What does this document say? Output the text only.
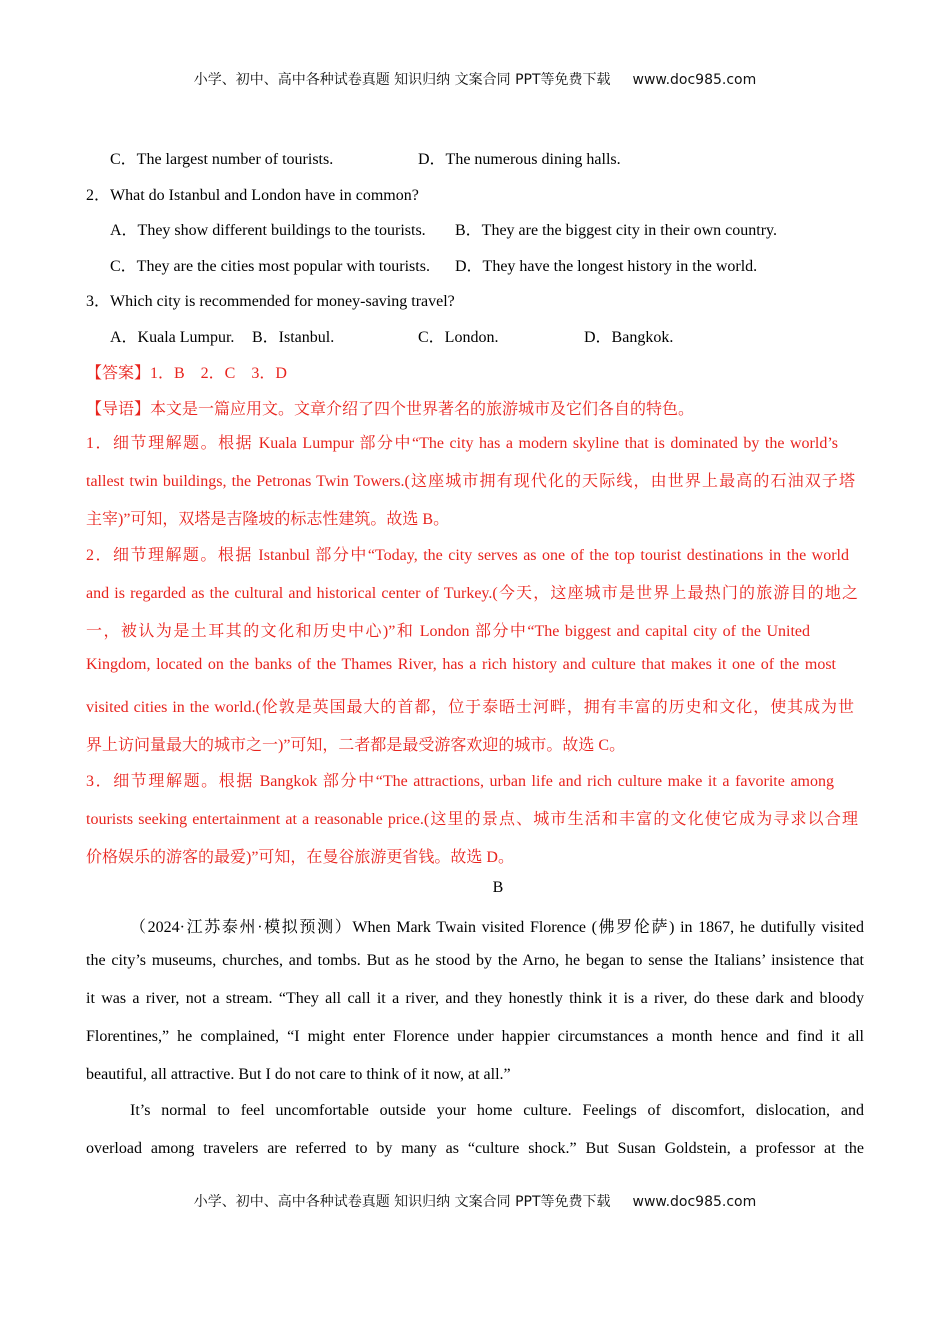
小学、初中、高中各种试卷真题 知识归纳 文案合同 PPT等免费下载 www.doc985.com
C．The largest number of tourists.	D．The numerous dining halls.
2．What do Istanbul and London have in common?
A．They show different buildings to the tourists. B．They are the biggest city in their own country.
C．They are the cities most popular with tourists. D．They have the longest history in the world.
3．Which city is recommended for money-saving travel?
A．Kuala Lumpur. B．Istanbul.	C．London.	D．Bangkok.
【答案】1．B　2．C　3．D
【导语】本文是一篇应用文。文章介绍了四个世界著名的旅游城市及它们各自的特色。
1．细节理解题。根据 Kuala Lumpur 部分中“The city has a modern skyline that is dominated by the world’s
tallest twin buildings, the Petronas Twin Towers.(这座城市拥有现代化的天际线，由世界上最高的石油双子塔
主宰)”可知，双塔是吉隆坡的标志性建筑。故选 B。
2．细节理解题。根据 Istanbul 部分中“Today, the city serves as one of the top tourist destinations in the world
and is regarded as the cultural and historical center of Turkey.(今天，这座城市是世界上最热门的旅游目的地之
一，被认为是土耳其的文化和历史中心)”和 London 部分中“The biggest and capital city of the United
Kingdom, located on the banks of the Thames River, has a rich history and culture that makes it one of the most
visited cities in the world.(伦敦是英国最大的首都，位于泰晤士河畔，拥有丰富的历史和文化，使其成为世
界上访问量最大的城市之一)”可知，二者都是最受游客欢迎的城市。故选 C。
3．细节理解题。根据 Bangkok 部分中“The attractions, urban life and rich culture make it a favorite among
tourists seeking entertainment at a reasonable price.(这里的景点、城市生活和丰富的文化使它成为寻求以合理
价格娱乐的游客的最爱)”可知，在曼谷旅游更省钱。故选 D。
B
（2024·江苏泰州·模拟预测）When Mark Twain visited Florence (佛罗伦萨) in 1867, he dutifully visited
the city’s museums, churches, and tombs. But as he stood by the Arno, he began to sense the Italians’ insistence that
it was a river, not a stream. “They all call it a river, and they honestly think it is a river, do these dark and bloody
Florentines,” he complained, “I might enter Florence under happier circumstances a month hence and find it all
beautiful, all attractive. But I do not care to think of it now, at all.”
It’s normal to feel uncomfortable outside your home culture. Feelings of discomfort, dislocation, and
overload among travelers are referred to by many as “culture shock.” But Susan Goldstein, a professor at the
小学、初中、高中各种试卷真题 知识归纳 文案合同 PPT等免费下载 www.doc985.com
